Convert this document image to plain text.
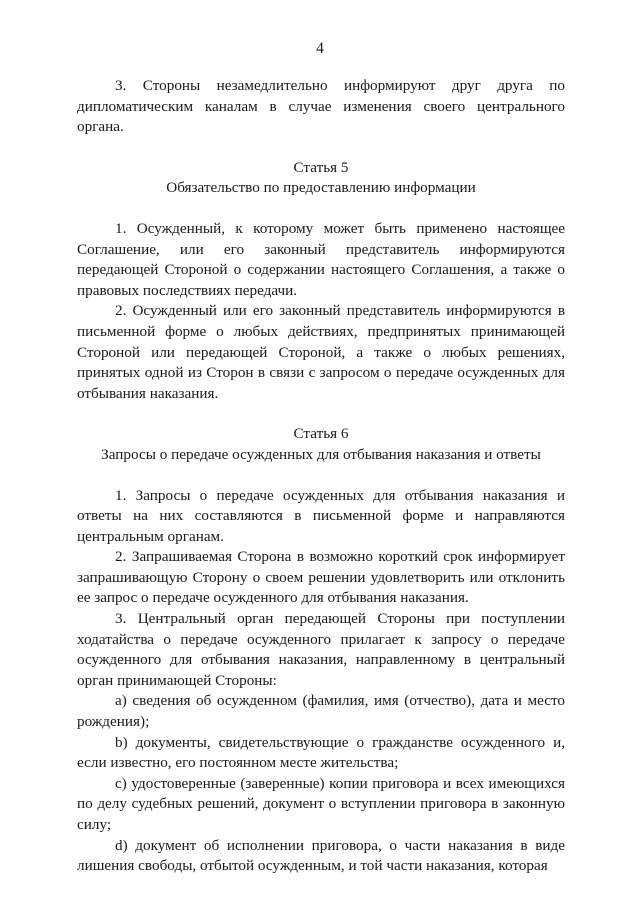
4

3. Стороны незамедлительно информируют друг друга по дипломатическим каналам в случае изменения своего центрального органа.

Статья 5
Обязательство по предоставлению информации

1. Осужденный, к которому может быть применено настоящее Соглашение, или его законный представитель информируются передающей Стороной о содержании настоящего Соглашения, а также о правовых последствиях передачи.

2. Осужденный или его законный представитель информируются в письменной форме о любых действиях, предпринятых принимающей Стороной или передающей Стороной, а также о любых решениях, принятых одной из Сторон в связи с запросом о передаче осужденных для отбывания наказания.

Статья 6
Запросы о передаче осужденных для отбывания наказания и ответы

1. Запросы о передаче осужденных для отбывания наказания и ответы на них составляются в письменной форме и направляются центральным органам.

2. Запрашиваемая Сторона в возможно короткий срок информирует запрашивающую Сторону о своем решении удовлетворить или отклонить ее запрос о передаче осужденного для отбывания наказания.

3. Центральный орган передающей Стороны при поступлении ходатайства о передаче осужденного прилагает к запросу о передаче осужденного для отбывания наказания, направленному в центральный орган принимающей Стороны:

a) сведения об осужденном (фамилия, имя (отчество), дата и место рождения);

b) документы, свидетельствующие о гражданстве осужденного и, если известно, его постоянном месте жительства;

c) удостоверенные (заверенные) копии приговора и всех имеющихся по делу судебных решений, документ о вступлении приговора в законную силу;

d) документ об исполнении приговора, о части наказания в виде лишения свободы, отбытой осужденным, и той части наказания, которая
